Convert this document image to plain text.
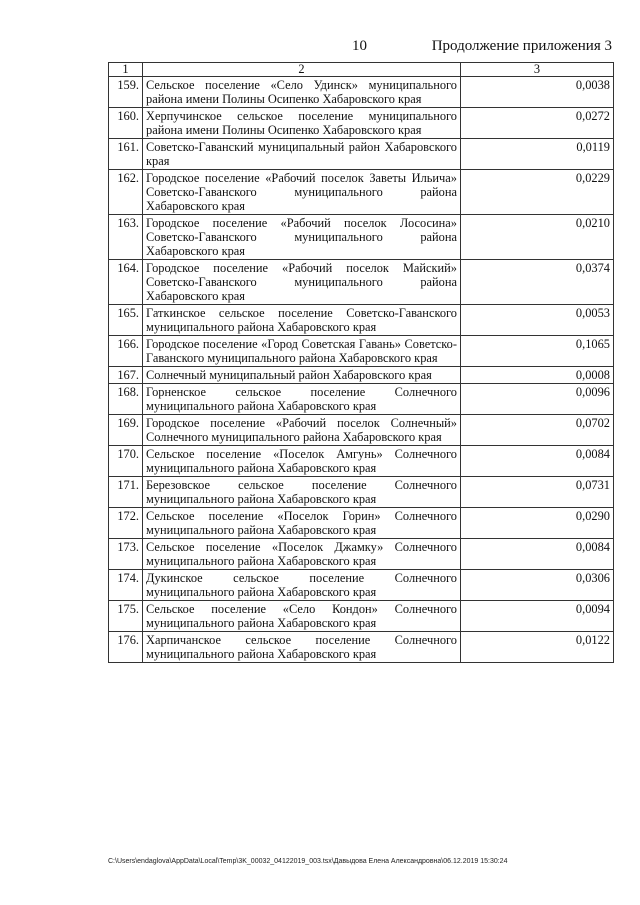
10	Продолжение приложения 3
1	2	3
159.	Сельское поселение «Село Удинск» муниципального района имени Полины Осипенко Хабаровского края	0,0038
160.	Херпучинское сельское поселение муниципального района имени Полины Осипенко Хабаровского края	0,0272
161.	Советско-Гаванский муниципальный район Хабаровского края	0,0119
162.	Городское поселение «Рабочий поселок Заветы Ильича» Советско-Гаванского муниципального района Хабаровского края	0,0229
163.	Городское поселение «Рабочий поселок Лососина» Советско-Гаванского муниципального района Хабаровского края	0,0210
164.	Городское поселение «Рабочий поселок Майский» Советско-Гаванского муниципального района Хабаровского края	0,0374
165.	Гаткинское сельское поселение Советско-Гаванского муниципального района Хабаровского края	0,0053
166.	Городское поселение «Город Советская Гавань» Советско-Гаванского муниципального района Хабаровского края	0,1065
167.	Солнечный муниципальный район Хабаровского края	0,0008
168.	Горненское сельское поселение Солнечного муниципального района Хабаровского края	0,0096
169.	Городское поселение «Рабочий поселок Солнечный» Солнечного муниципального района Хабаровского края	0,0702
170.	Сельское поселение «Поселок Амгунь» Солнечного муниципального района Хабаровского края	0,0084
171.	Березовское сельское поселение Солнечного муниципального района Хабаровского края	0,0731
172.	Сельское поселение «Поселок Горин» Солнечного муниципального района Хабаровского края	0,0290
173.	Сельское поселение «Поселок Джамку» Солнечного муниципального района Хабаровского края	0,0084
174.	Дукинское сельское поселение Солнечного муниципального района Хабаровского края	0,0306
175.	Сельское поселение «Село Кондон» Солнечного муниципального района Хабаровского края	0,0094
176.	Харпичанское сельское поселение Солнечного муниципального района Хабаровского края	0,0122
C:\Users\endaglova\AppData\Local\Temp\3K_00032_04122019_003.tsx\Давыдова Елена Александровна\06.12.2019 15:30:24
